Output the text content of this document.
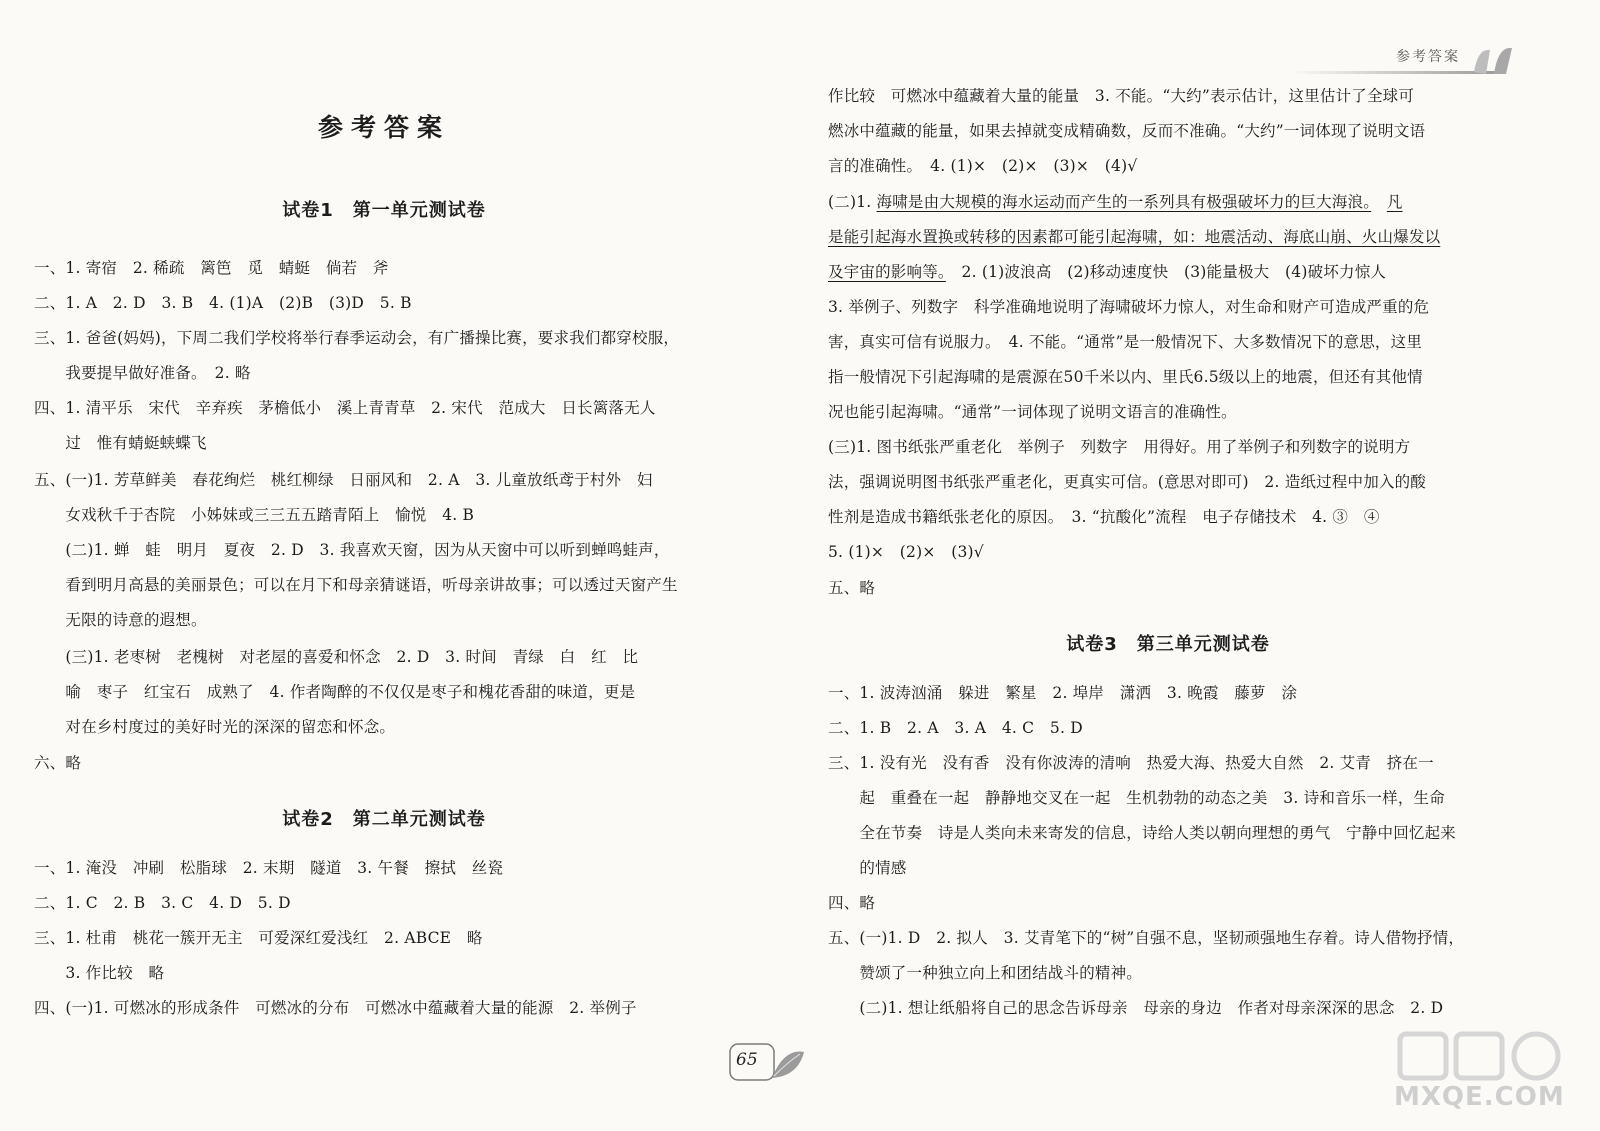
参考答案
参考答案
试卷1　第一单元测试卷
一、1. 寄宿　2. 稀疏　篱笆　觅　蜻蜓　倘若　斧
二、1. A　2. D　3. B　4. (1)A　(2)B　(3)D　5. B
三、1. 爸爸(妈妈)，下周二我们学校将举行春季运动会，有广播操比赛，要求我们都穿校服，
　　我要提早做好准备。　2. 略
四、1. 清平乐　宋代　辛弃疾　茅檐低小　溪上青青草　2. 宋代　范成大　日长篱落无人
　　过　惟有蜻蜓蛱蝶飞
五、(一)1. 芳草鲜美　春花绚烂　桃红柳绿　日丽风和　2. A　3. 儿童放纸鸢于村外　妇
　　女戏秋千于杏院　小姊妹或三三五五踏青陌上　愉悦　4. B
　　(二)1. 蝉　蛙　明月　夏夜　2. D　3. 我喜欢天窗，因为从天窗中可以听到蝉鸣蛙声，
　　看到明月高悬的美丽景色；可以在月下和母亲猜谜语，听母亲讲故事；可以透过天窗产生
　　无限的诗意的遐想。
　　(三)1. 老枣树　老槐树　对老屋的喜爱和怀念　2. D　3. 时间　青绿　白　红　比
　　喻　枣子　红宝石　成熟了　4. 作者陶醉的不仅仅是枣子和槐花香甜的味道，更是
　　对在乡村度过的美好时光的深深的留恋和怀念。
六、略
试卷2　第二单元测试卷
一、1. 淹没　冲刷　松脂球　2. 末期　隧道　3. 午餐　擦拭　丝瓷
二、1. C　2. B　3. C　4. D　5. D
三、1. 杜甫　桃花一簇开无主　可爱深红爱浅红　2. ABCE　略
　　3. 作比较　略
四、(一)1. 可燃冰的形成条件　可燃冰的分布　可燃冰中蕴藏着大量的能源　2. 举例子
作比较　可燃冰中蕴藏着大量的能量　3. 不能。“大约”表示估计，这里估计了全球可
燃冰中蕴藏的能量，如果去掉就变成精确数，反而不准确。“大约”一词体现了说明文语
言的准确性。　4. (1)×　(2)×　(3)×　(4)√
(二)1. 海啸是由大规模的海水运动而产生的一系列具有极强破坏力的巨大海浪。　 凡
是能引起海水置换或转移的因素都可能引起海啸，如：地震活动、海底山崩、火山爆发以
及宇宙的影响等。　2. (1)波浪高　(2)移动速度快　(3)能量极大　(4)破坏力惊人
3. 举例子、列数字　科学准确地说明了海啸破坏力惊人，对生命和财产可造成严重的危
害，真实可信有说服力。　4. 不能。“通常”是一般情况下、大多数情况下的意思，这里
指一般情况下引起海啸的是震源在50千米以内、里氏6.5级以上的地震，但还有其他情
况也能引起海啸。“通常”一词体现了说明文语言的准确性。
(三)1. 图书纸张严重老化　举例子　列数字　用得好。用了举例子和列数字的说明方
法，强调说明图书纸张严重老化，更真实可信。(意思对即可)　2. 造纸过程中加入的酸
性剂是造成书籍纸张老化的原因。　3. “抗酸化”流程　电子存储技术　4. ③　④
5. (1)×　(2)×　(3)√
五、略
试卷3　第三单元测试卷
一、1. 波涛汹涌　躲进　繁星　2. 埠岸　潇洒　3. 晚霞　藤萝　涂
二、1. B　2. A　3. A　4. C　5. D
三、1. 没有光　没有香　没有你波涛的清响　热爱大海、热爱大自然　2. 艾青　挤在一
　　起　重叠在一起　静静地交叉在一起　生机勃勃的动态之美　3. 诗和音乐一样，生命
　　全在节奏　诗是人类向未来寄发的信息，诗给人类以朝向理想的勇气　宁静中回忆起来
　　的情感
四、略
五、(一)1. D　2. 拟人　3. 艾青笔下的“树”自强不息，坚韧顽强地生存着。诗人借物抒情，
　　赞颂了一种独立向上和团结战斗的精神。
　　(二)1. 想让纸船将自己的思念告诉母亲　母亲的身边　作者对母亲深深的思念　2. D
65
MXQE.COM
